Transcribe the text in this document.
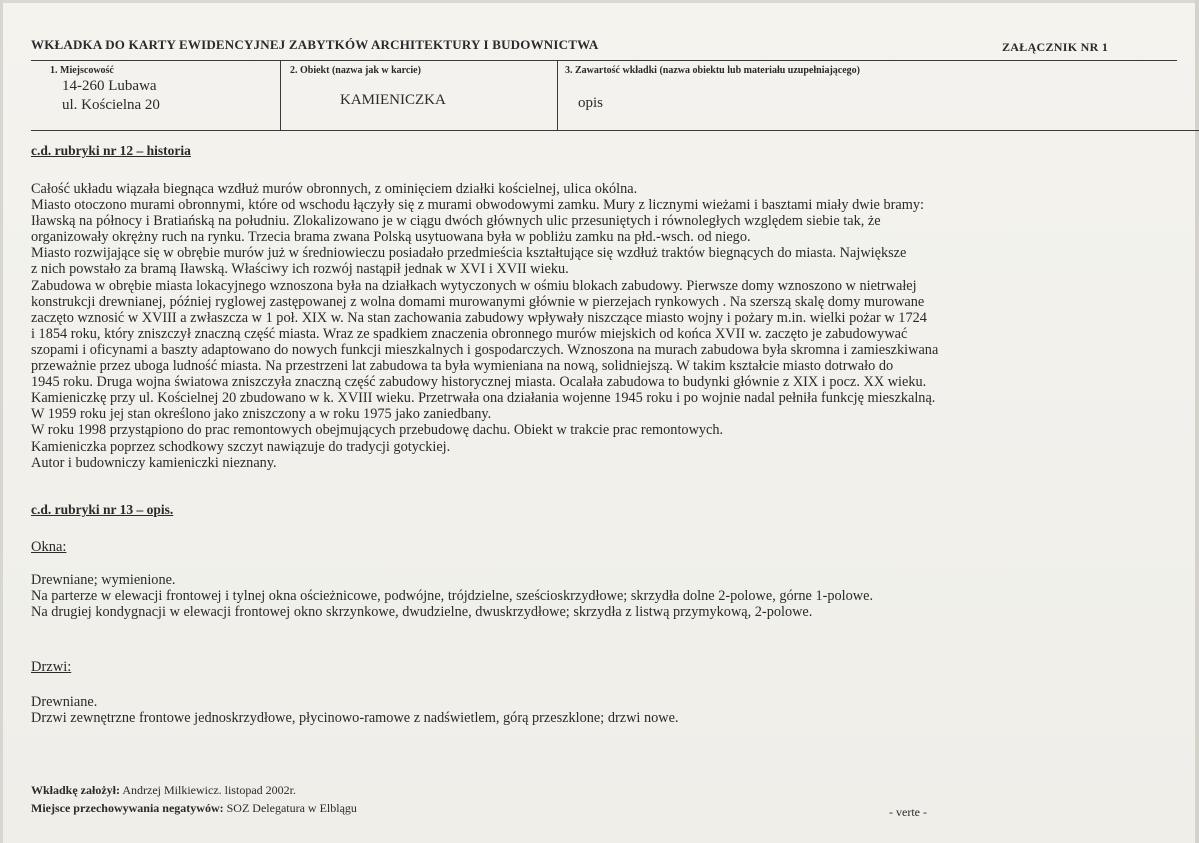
WKŁADKA DO KARTY EWIDENCYJNEJ ZABYTKÓW ARCHITEKTURY I BUDOWNICTWA	ZAŁĄCZNIK NR 1
1. Miejscowość
14-260 Lubawa
ul. Kościelna 20
2. Obiekt (nazwa jak w karcie)
KAMIENICZKA
3. Zawartość wkładki (nazwa obiektu lub materiału uzupełniającego)
opis
c.d. rubryki nr 12 – historia
Całość układu wiązała biegnąca wzdłuż murów obronnych, z ominięciem działki kościelnej, ulica okólna.
Miasto otoczono murami obronnymi, które od wschodu łączyły się z murami obwodowymi zamku. Mury z licznymi wieżami i basztami miały dwie bramy:
Iławską na północy i Bratiańską na południu. Zlokalizowano je w ciągu dwóch głównych ulic przesuniętych i równoległych względem siebie tak, że
organizowały okrężny ruch na rynku. Trzecia brama zwana Polską usytuowana była w pobliżu zamku na płd.-wsch. od niego.
Miasto rozwijające się w obrębie murów już w średniowieczu posiadało przedmieścia kształtujące się wzdłuż traktów biegnących do miasta. Największe
z nich powstało za bramą Iławską. Właściwy ich rozwój nastąpił jednak w XVI i XVII wieku.
Zabudowa w obrębie miasta lokacyjnego wznoszona była na działkach wytyczonych w ośmiu blokach zabudowy. Pierwsze domy wznoszono w nietrwałej
konstrukcji drewnianej, później ryglowej zastępowanej z wolna domami murowanymi głównie w pierzejach rynkowych . Na szerszą skalę domy murowane
zaczęto wznosić w XVIII a zwłaszcza w 1 poł. XIX w. Na stan zachowania zabudowy wpływały niszczące miasto wojny i pożary m.in. wielki pożar w 1724
i 1854 roku, który zniszczył znaczną część miasta. Wraz ze spadkiem znaczenia obronnego murów miejskich od końca XVII w. zaczęto je zabudowywać
szopami i oficynami a baszty adaptowano do nowych funkcji mieszkalnych i gospodarczych. Wznoszona na murach zabudowa była skromna i zamieszkiwana
przeważnie przez uboga ludność miasta. Na przestrzeni lat zabudowa ta była wymieniana na nową, solidniejszą. W takim kształcie miasto dotrwało do
1945 roku. Druga wojna światowa zniszczyła znaczną część zabudowy historycznej miasta. Ocalała zabudowa to budynki głównie z XIX i pocz. XX wieku.
Kamieniczkę przy ul. Kościelnej 20 zbudowano w k. XVIII wieku. Przetrwała ona działania wojenne 1945 roku i po wojnie nadal pełniła funkcję mieszkalną.
W 1959 roku jej stan określono jako zniszczony a w roku 1975 jako zaniedbany.
W roku 1998 przystąpiono do prac remontowych obejmujących przebudowę dachu. Obiekt w trakcie prac remontowych.
Kamieniczka poprzez schodkowy szczyt nawiązuje do tradycji gotyckiej.
Autor i budowniczy kamieniczki nieznany.
c.d. rubryki nr 13 – opis.
Okna:
Drewniane; wymienione.
Na parterze w elewacji frontowej i tylnej okna ościeżnicowe, podwójne, trójdzielne, sześcioskrzydłowe; skrzydła dolne 2-polowe, górne 1-polowe.
Na drugiej kondygnacji w elewacji frontowej okno skrzynkowe, dwudzielne, dwuskrzydłowe; skrzydła z listwą przymykową, 2-polowe.
Drzwi:
Drewniane.
Drzwi zewnętrzne frontowe jednoskrzydłowe, płycinowo-ramowe z nadświetlem, górą przeszklone; drzwi nowe.
Wkładkę założył: Andrzej Milkiewicz. listopad 2002r.
Miejsce przechowywania negatywów: SOZ Delegatura w Elblągu	- verte -
